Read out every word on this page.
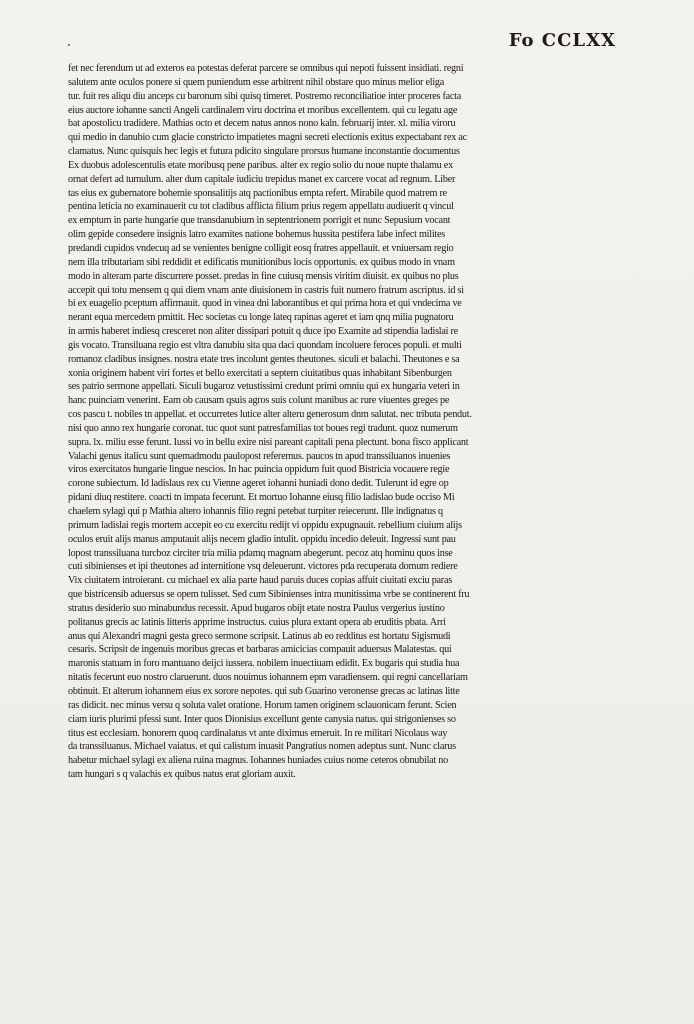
Fo CCLXX
fet nec ferendum ut ad exteros ea potestas deferat parcere se omnibus qui nepoti fuissent insidiati. regni
salutem ante oculos ponere si quem puniendum esse arbitrent nihil obstare quo minus melior eliga
tur. fuit res aliqu diu anceps cu baronum sibi quisq timeret. Postremo reconciliatioe inter proceres facta
eius auctore iohanne sancti Angeli cardinalem viru doctrina et moribus excellentem. qui cu legatu age
bat apostolicu tradidere. Mathias octo et decem natus annos nono kaln. februarij inter. xl. milia viroru
qui medio in danubio cum glacie constricto impatietes magni secreti electionis exitus expectabant rex ac
clamatus. Nunc quisquis hec legis et futura pdicito singulare prorsus humane inconstantie documentus
Ex duobus adolescentulis etate moribusq pene paribus. alter ex regio solio du noue nupte thalamu ex
ornat defert ad tumulum. alter dum capitale iudiciu trepidus manet ex carcere vocat ad regnum. Liber
tas eius ex gubernatore bohemie sponsalitijs atq pactionibus empta refert. Mirabile quod matrem re
pentina leticia no examinauerit cu tot cladibus afflicta filium prius regem appellatu audiuerit q vincul
ex emptum in parte hungarie que transdanubium in septentrionem porrigit et nunc Sepusium vocant
olim gepide consedere insignis latro examites natione bohemus hussita pestifera labe infect milites
predandi cupidos vndecuq ad se venientes benigne colligit eosq fratres appellauit. et vniuersam regio
nem illa tributariam sibi reddidit et edificatis munitionibus locis opportunis. ex quibus modo in vnam
modo in alteram parte discurrere posset. predas in fine cuiusq mensis viritim diuisit. ex quibus no plus
accepit qui totu mensem q qui diem vnam ante diuisionem in castris fuit numero fratrum ascriptus. id si
bi ex euagelio pceptum affirmauit. quod in vinea dni laborantibus et qui prima hora et qui vndecima ve
nerant equa mercedem pmittit. Hec societas cu longe lateq rapinas ageret et iam qnq milia pugnatoru
in armis haberet indiesq cresceret non aliter dissipari potuit q duce ipo Examite ad stipendia ladislai re
gis vocato. Transiluana regio est vltra danubiu sita qua daci quondam incoluere feroces populi. et multi
romanoz cladibus insignes. nostra etate tres incolunt gentes theutones. siculi et balachi. Theutones e sa
xonia originem habent viri fortes et bello exercitati a septem ciuitatibus quas inhabitant Sibenburgen
ses patrio sermone appellati. Siculi bugaroz vetustissimi credunt primi omniu qui ex hungaria veteri in
hanc puinciam venerint. Eam ob causam qsuis agros suis colunt manibus ac rure viuentes greges pe
cos pascu t. nobiles tn appellat. et occurretes lutice alter alteru generosum dnm salutat. nec tributa pendut.
nisi quo anno rex hungarie coronat. tuc quot sunt patresfamilias tot boues regi tradunt. quoz numerum
supra. lx. miliu esse ferunt. Iussi vo in bellu exire nisi pareant capitali pena plectunt. bona fisco applicant
Valachi genus italicu sunt quemadmodu paulopost referemus. paucos tn apud transsiluanos inuenies
viros exercitatos hungarie lingue nescios. In hac puincia oppidum fuit quod Bistricia vocauere regie
corone subiectum. Id ladislaus rex cu Vienne ageret iohanni huniadi dono dedit. Tulerunt id egre op
pidani diuq restitere. coacti tn impata fecerunt. Et mortuo Iohanne eiusq filio ladislao bude occiso Mi
chaelem sylagi qui p Mathia altero iohannis filio regni petebat turpiter reiecerunt. Ille indignatus q
primum ladislai regis mortem accepit eo cu exercitu redijt vi oppidu expugnauit. rebellium ciuium alijs
oculos eruit alijs manus amputauit alijs necem gladio intulit. oppidu incedio deleuit. Ingressi sunt pau
lopost transsiluana turcboz circiter tria milia pdamq magnam abegerunt. pecoz atq hominu quos inse
cuti sibinienses et ipi theutones ad internitione vsq deleuerunt. victores pda recuperata domum rediere
Vix ciuitatem introierant. cu michael ex alia parte haud paruis duces copias affuit ciuitati exciu paras
que bistricensib aduersus se opem tulisset. Sed cum Sibinienses intra munitissima vrbe se continerent fru
stratus desiderio suo minabundus recessit. Apud bugaros obijt etate nostra Paulus vergerius iustino
politanus grecis ac latinis litteris apprime instructus. cuius plura extant opera ab eruditis pbata. Arri
anus qui Alexandri magni gesta greco sermone scripsit. Latinus ab eo redditus est hortatu Sigismudi
cesaris. Scripsit de ingenuis moribus grecas et barbaras amicicias compauit aduersus Malatestas. qui
maronis statuam in foro mantuano deijci iussera. nobilem inuectiuam edidit. Ex bugaris qui studia hua
nitatis fecerunt euo nostro claruerunt. duos nouimus iohannem epm varadiensem. qui regni cancellariam
obtinuit. Et alterum iohannem eius ex sorore nepotes. qui sub Guarino veronense grecas ac latinas litte
ras didicit. nec minus versu q soluta valet oratione. Horum tamen originem sclauonicam ferunt. Scien
ciam iuris plurimi pfessi sunt. Inter quos Dionisius excellunt gente canysia natus. qui strigonienses so
titus est ecclesiam. honorem quoq cardinalatus vt ante diximus emeruit. In re militari Nicolaus way
da transsiluanus. Michael vaiatus. et qui calistum inuasit Pangratius nomen adeptus sunt. Nunc clarus
habetur michael sylagi ex aliena ruina magnus. Iohannes huniades cuius nome ceteros obnubilat no
tam hungari s q valachis ex quibus natus erat gloriam auxit.
